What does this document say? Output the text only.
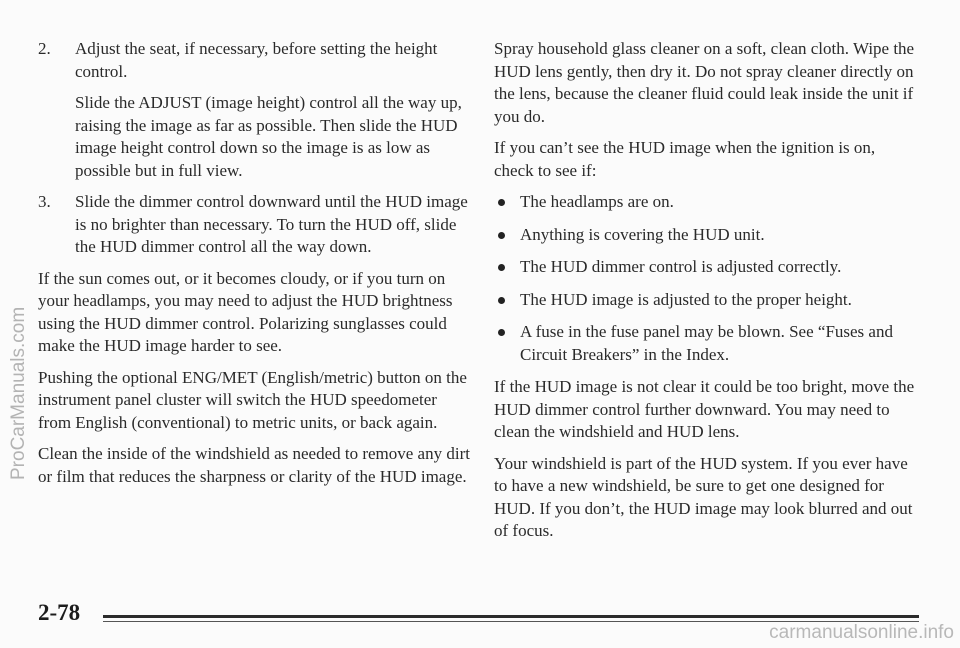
2. Adjust the seat, if necessary, before setting the height control.

Slide the ADJUST (image height) control all the way up, raising the image as far as possible. Then slide the HUD image height control down so the image is as low as possible but in full view.

3. Slide the dimmer control downward until the HUD image is no brighter than necessary. To turn the HUD off, slide the HUD dimmer control all the way down.

If the sun comes out, or it becomes cloudy, or if you turn on your headlamps, you may need to adjust the HUD brightness using the HUD dimmer control. Polarizing sunglasses could make the HUD image harder to see.

Pushing the optional ENG/MET (English/metric) button on the instrument panel cluster will switch the HUD speedometer from English (conventional) to metric units, or back again.

Clean the inside of the windshield as needed to remove any dirt or film that reduces the sharpness or clarity of the HUD image.

Spray household glass cleaner on a soft, clean cloth. Wipe the HUD lens gently, then dry it. Do not spray cleaner directly on the lens, because the cleaner fluid could leak inside the unit if you do.

If you can’t see the HUD image when the ignition is on, check to see if:

The headlamps are on.
Anything is covering the HUD unit.
The HUD dimmer control is adjusted correctly.
The HUD image is adjusted to the proper height.
A fuse in the fuse panel may be blown. See “Fuses and Circuit Breakers” in the Index.

If the HUD image is not clear it could be too bright, move the HUD dimmer control further downward. You may need to clean the windshield and HUD lens.

Your windshield is part of the HUD system. If you ever have to have a new windshield, be sure to get one designed for HUD. If you don’t, the HUD image may look blurred and out of focus.

2-78
ProCarManuals.com
carmanualsonline.info
